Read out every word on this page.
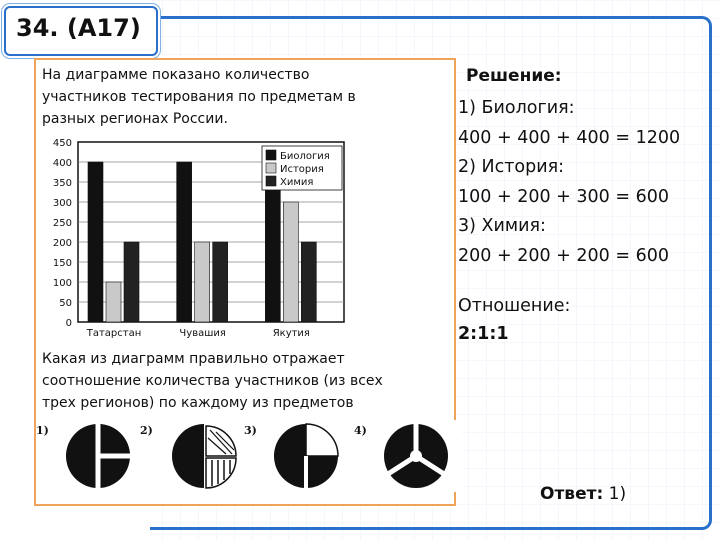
34. (А17)
На диаграмме показано количество
участников тестирования по предметам в
разных регионах России.
0
50
100
150
200
250
300
350
400
450
Татарстан	Чувашия	Якутия
Биология
История
Химия
Какая из диаграмм правильно отражает
соотношение количества участников (из всех
трех регионов) по каждому из предметов
1)	2)	3)	4)
Решение:
1) Биология:
400 + 400 + 400 = 1200
2) История:
100 + 200 + 300 = 600
3) Химия:
200 + 200 + 200 = 600
Отношение:
2:1:1
Ответ: 1)
